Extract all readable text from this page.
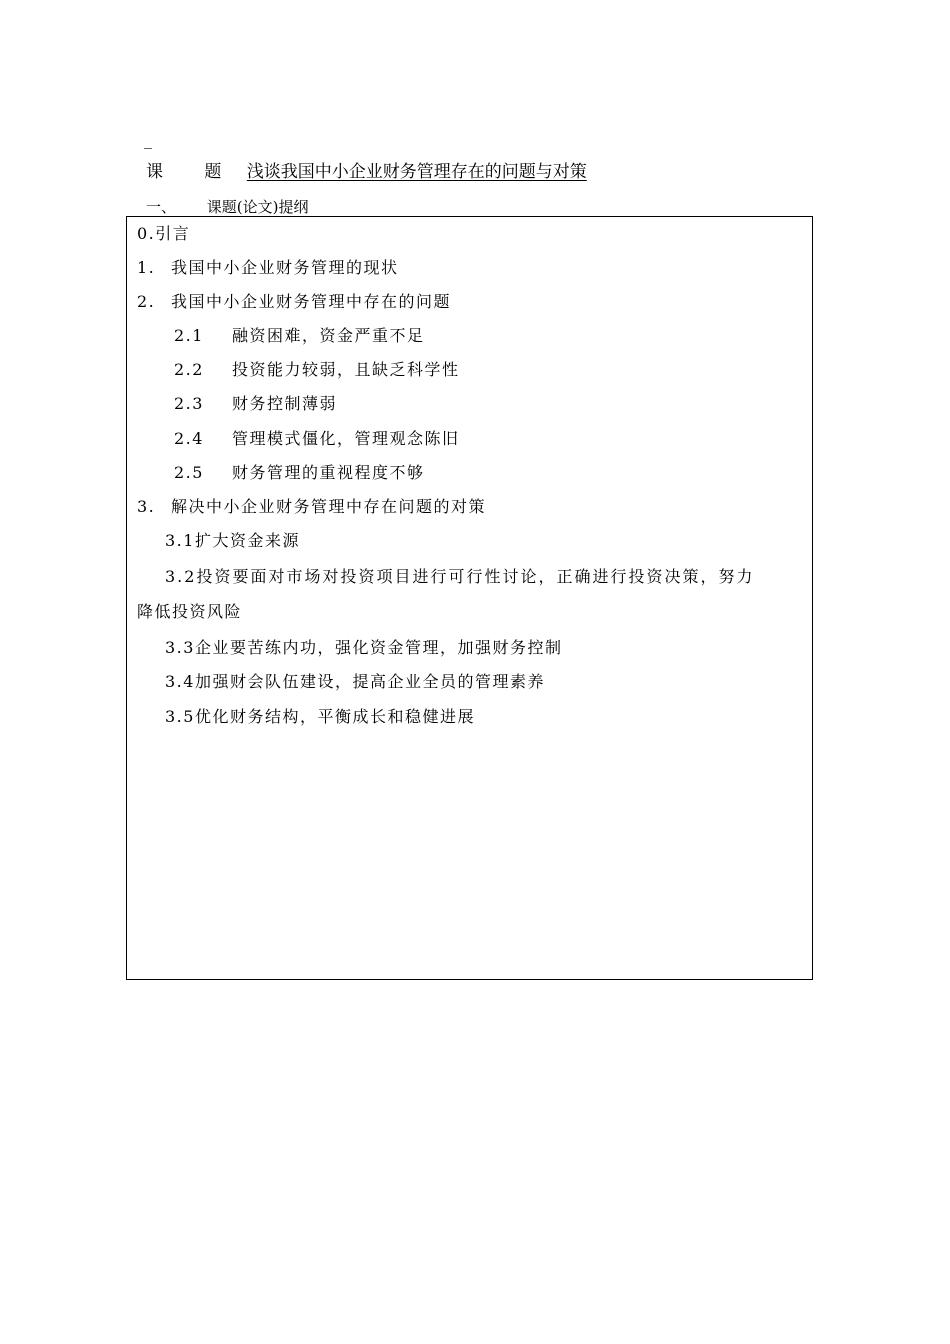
_
课 题 浅谈我国中小企业财务管理存在的问题与对策
一、 课题(论文)提纲
0.引言
1. 我国中小企业财务管理的现状
2. 我国中小企业财务管理中存在的问题
2.1 融资困难，资金严重不足
2.2 投资能力较弱，且缺乏科学性
2.3 财务控制薄弱
2.4 管理模式僵化，管理观念陈旧
2.5 财务管理的重视程度不够
3. 解决中小企业财务管理中存在问题的对策
3.1扩大资金来源
3.2投资要面对市场对投资项目进行可行性讨论，正确进行投资决策，努力
降低投资风险
3.3企业要苦练内功，强化资金管理，加强财务控制
3.4加强财会队伍建设，提高企业全员的管理素养
3.5优化财务结构，平衡成长和稳健进展
